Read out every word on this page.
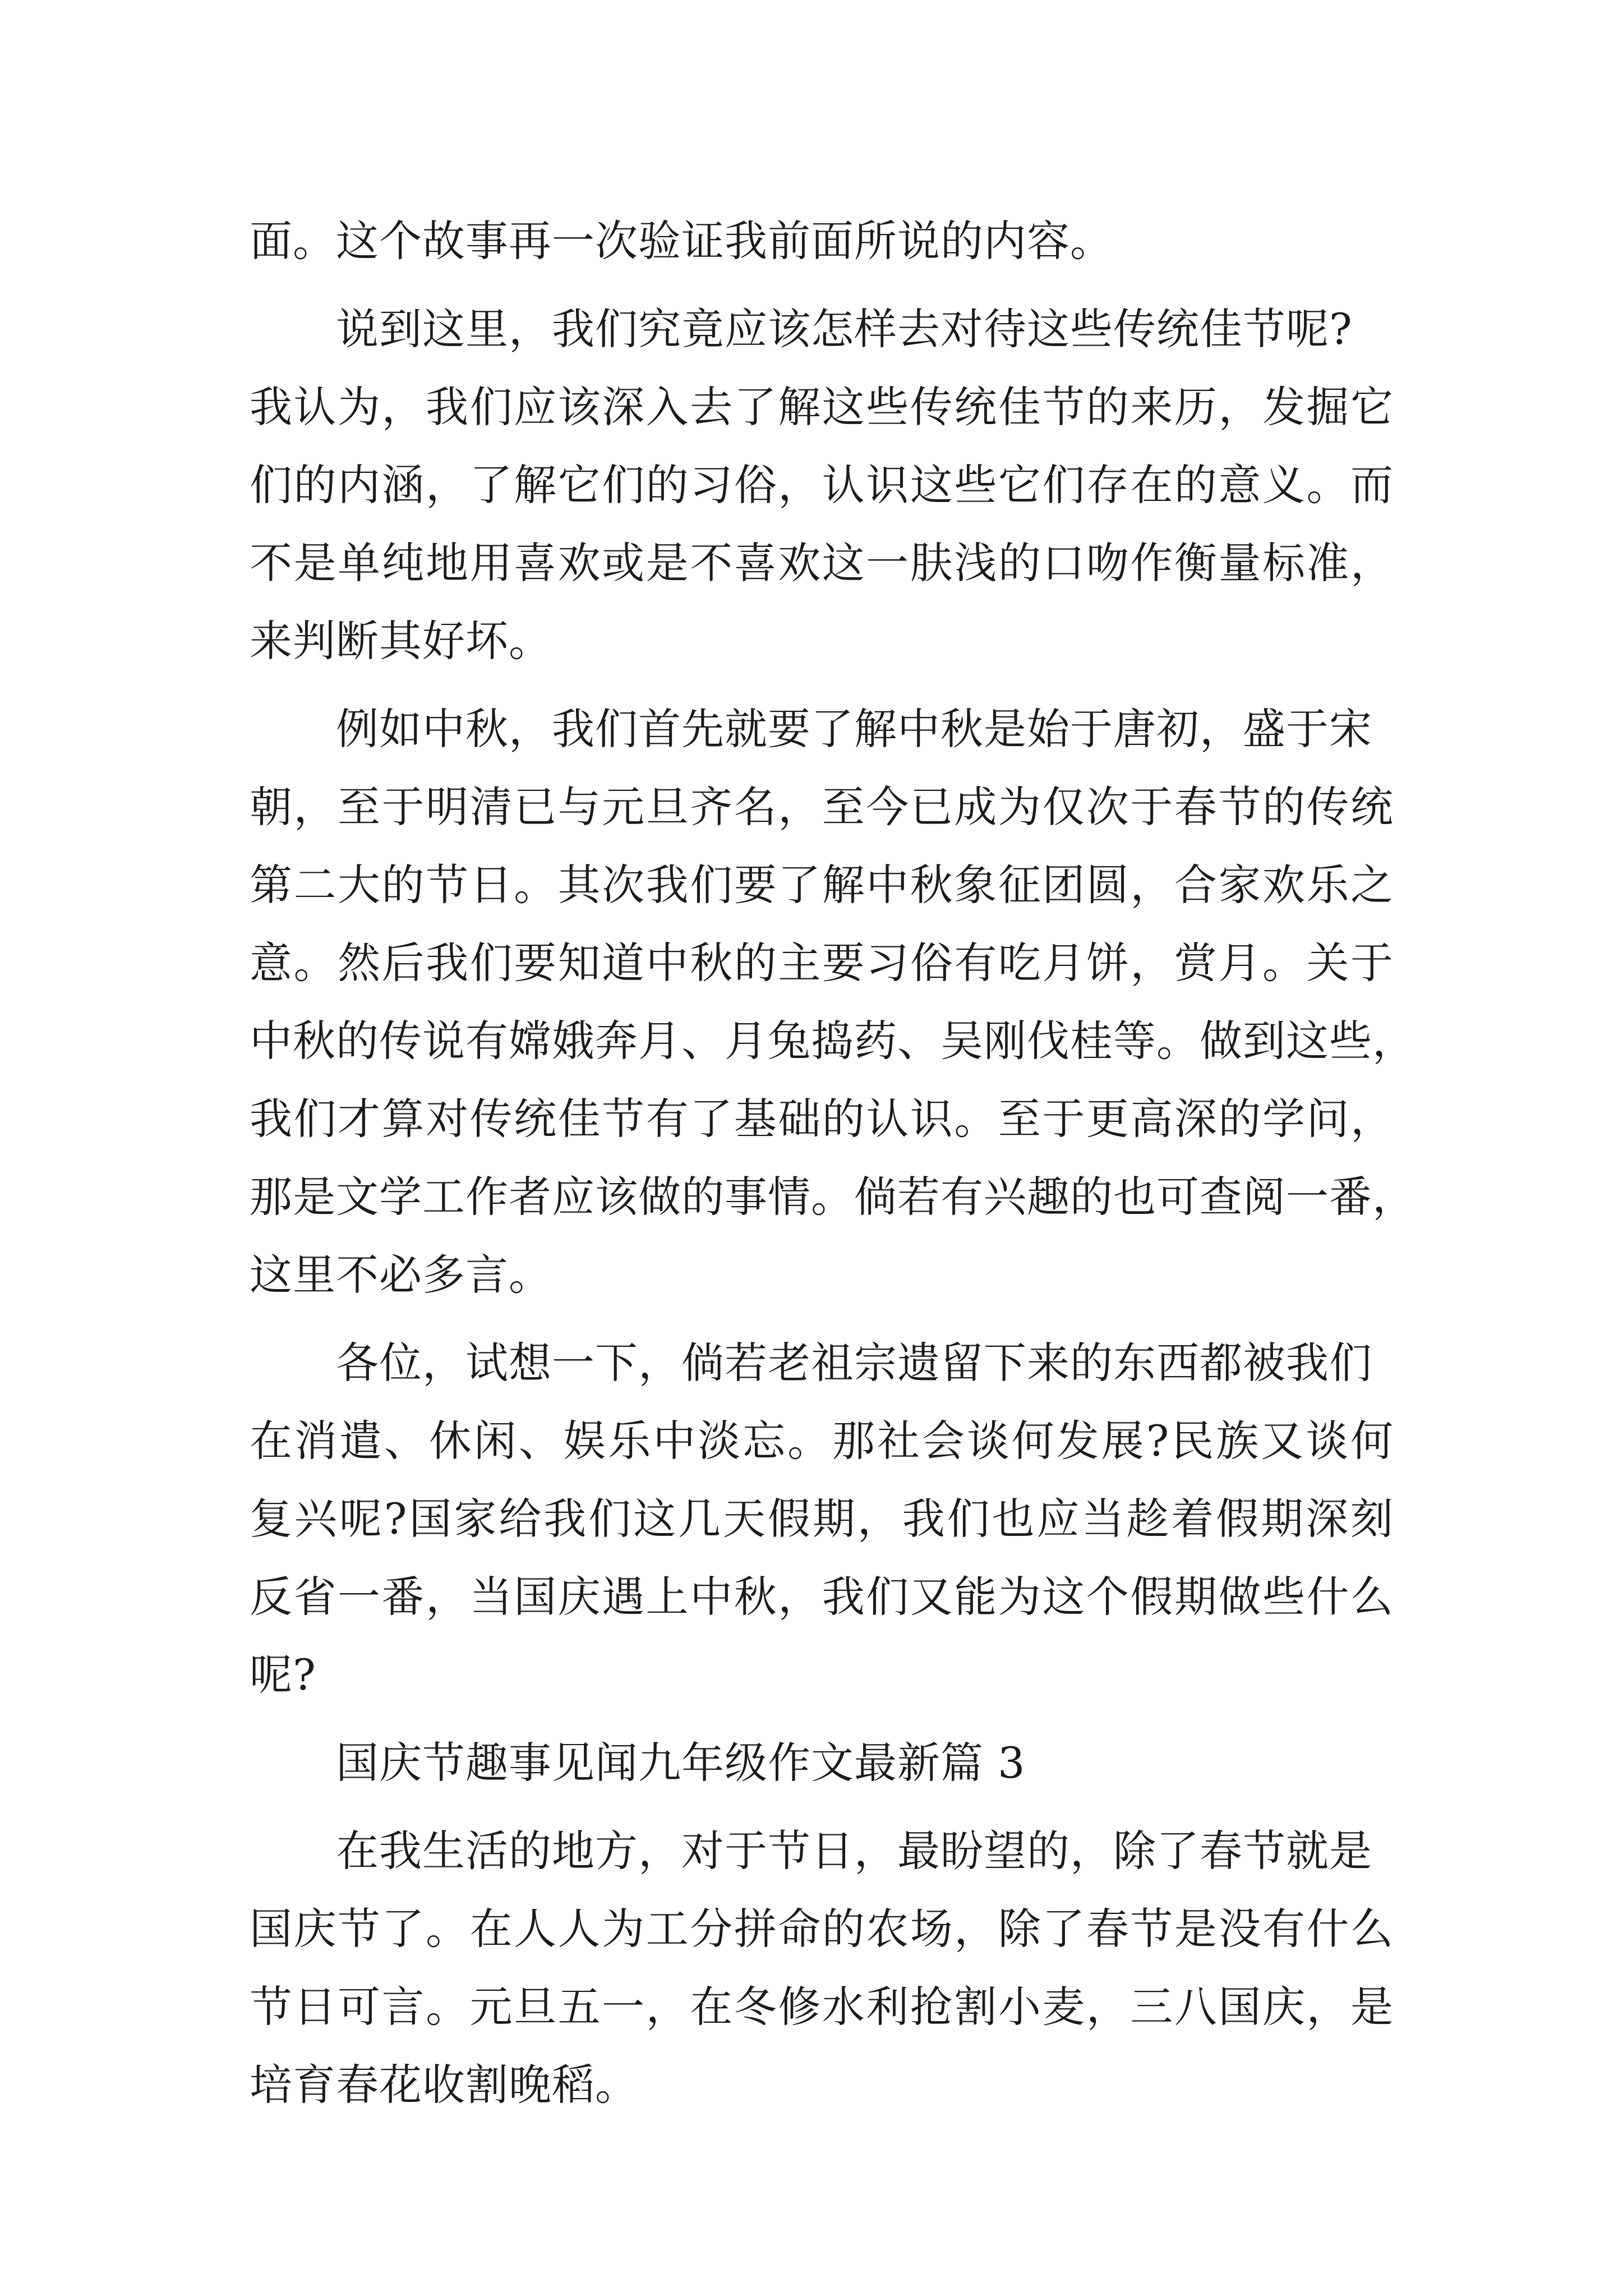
面。这个故事再一次验证我前面所说的内容。
说到这里，我们究竟应该怎样去对待这些传统佳节呢?
我认为，我们应该深入去了解这些传统佳节的来历，发掘它
们的内涵，了解它们的习俗，认识这些它们存在的意义。而
不是单纯地用喜欢或是不喜欢这一肤浅的口吻作衡量标准，
来判断其好坏。
例如中秋，我们首先就要了解中秋是始于唐初，盛于宋
朝，至于明清已与元旦齐名，至今已成为仅次于春节的传统
第二大的节日。其次我们要了解中秋象征团圆，合家欢乐之
意。然后我们要知道中秋的主要习俗有吃月饼，赏月。关于
中秋的传说有嫦娥奔月、月兔捣药、吴刚伐桂等。做到这些，
我们才算对传统佳节有了基础的认识。至于更高深的学问，
那是文学工作者应该做的事情。倘若有兴趣的也可查阅一番，
这里不必多言。
各位，试想一下，倘若老祖宗遗留下来的东西都被我们
在消遣、休闲、娱乐中淡忘。那社会谈何发展?民族又谈何
复兴呢?国家给我们这几天假期，我们也应当趁着假期深刻
反省一番，当国庆遇上中秋，我们又能为这个假期做些什么
呢?
国庆节趣事见闻九年级作文最新篇 3
在我生活的地方，对于节日，最盼望的，除了春节就是
国庆节了。在人人为工分拼命的农场，除了春节是没有什么
节日可言。元旦五一，在冬修水利抢割小麦，三八国庆，是
培育春花收割晚稻。
